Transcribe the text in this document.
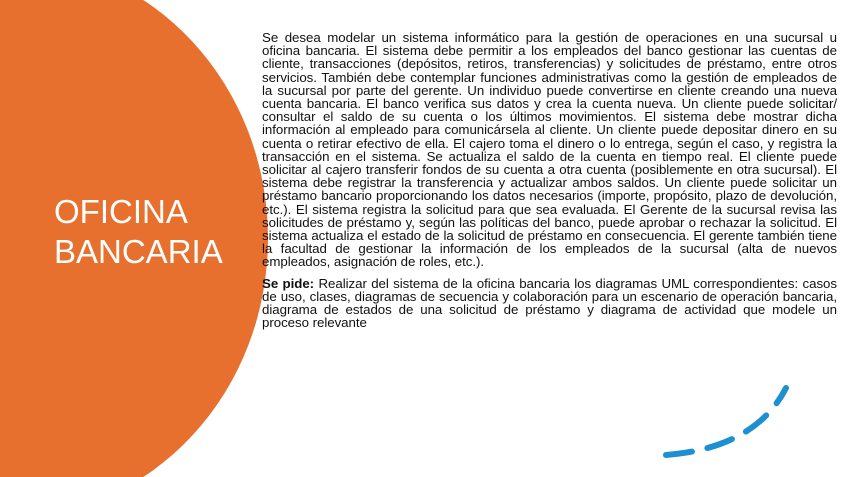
OFICINA
BANCARIA

Se desea modelar un sistema informático para la gestión de operaciones en una sucursal u oficina bancaria. El sistema debe permitir a los empleados del banco gestionar las cuentas de cliente, transacciones (depósitos, retiros, transferencias) y solicitudes de préstamo, entre otros servicios. También debe contemplar funciones administrativas como la gestión de empleados de la sucursal por parte del gerente. Un individuo puede convertirse en cliente creando una nueva cuenta bancaria. El banco verifica sus datos y crea la cuenta nueva. Un cliente puede solicitar/ consultar el saldo de su cuenta o los últimos movimientos. El sistema debe mostrar dicha información al empleado para comunicársela al cliente. Un cliente puede depositar dinero en su cuenta o retirar efectivo de ella. El cajero toma el dinero o lo entrega, según el caso, y registra la transacción en el sistema. Se actualiza el saldo de la cuenta en tiempo real. El cliente puede solicitar al cajero transferir fondos de su cuenta a otra cuenta (posiblemente en otra sucursal). El sistema debe registrar la transferencia y actualizar ambos saldos. Un cliente puede solicitar un préstamo bancario proporcionando los datos necesarios (importe, propósito, plazo de devolución, etc.). El sistema registra la solicitud para que sea evaluada. El Gerente de la sucursal revisa las solicitudes de préstamo y, según las políticas del banco, puede aprobar o rechazar la solicitud. El sistema actualiza el estado de la solicitud de préstamo en consecuencia. El gerente también tiene la facultad de gestionar la información de los empleados de la sucursal (alta de nuevos empleados, asignación de roles, etc.).

Se pide: Realizar del sistema de la oficina bancaria los diagramas UML correspondientes: casos de uso, clases, diagramas de secuencia y colaboración para un escenario de operación bancaria, diagrama de estados de una solicitud de préstamo y diagrama de actividad que modele un proceso relevante
